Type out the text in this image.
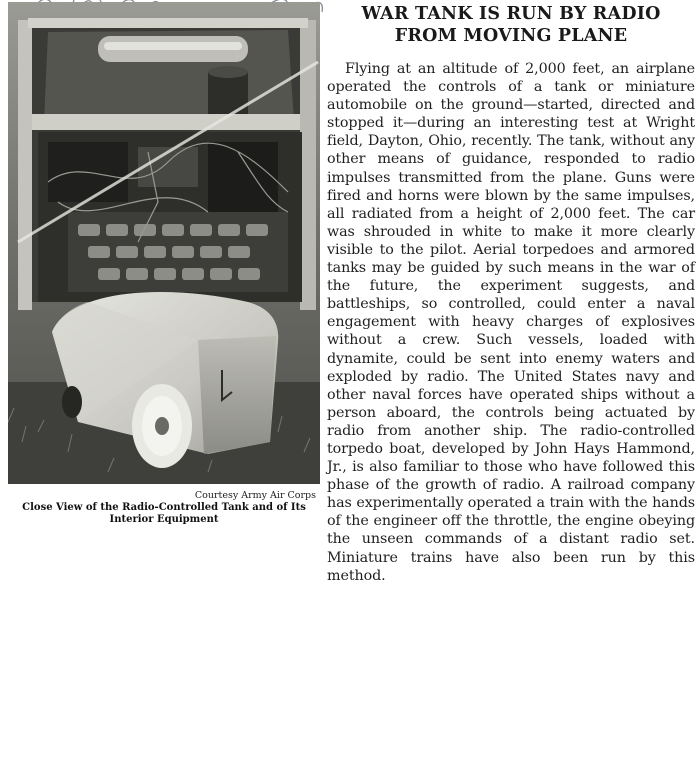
Courtesy Army Air Corps
Close View of the Radio-Controlled Tank and of Its
Interior Equipment
WAR TANK IS RUN BY RADIO
FROM MOVING PLANE
Flying at an altitude of 2,000 feet, an airplane operated the controls of a tank or miniature automobile on the ground—started, directed and stopped it—during an interesting test at Wright field, Dayton, Ohio, recently. The tank, without any other means of guidance, responded to radio impulses transmitted from the plane. Guns were fired and horns were blown by the same impulses, all radiated from a height of 2,000 feet. The car was shrouded in white to make it more clearly visible to the pilot. Aerial torpedoes and armored tanks may be guided by such means in the war of the future, the experiment suggests, and battleships, so controlled, could enter a naval engagement with heavy charges of explosives without a crew. Such vessels, loaded with dynamite, could be sent into enemy waters and exploded by radio. The United States navy and other naval forces have operated ships without a person aboard, the controls being actuated by radio from another ship. The radio-controlled torpedo boat, developed by John Hays Hammond, Jr., is also familiar to those who have followed this phase of the growth of radio. A railroad company has experimentally operated a train with the hands of the engineer off the throttle, the engine obeying the unseen commands of a distant radio set. Miniature trains have also been run by this method.
